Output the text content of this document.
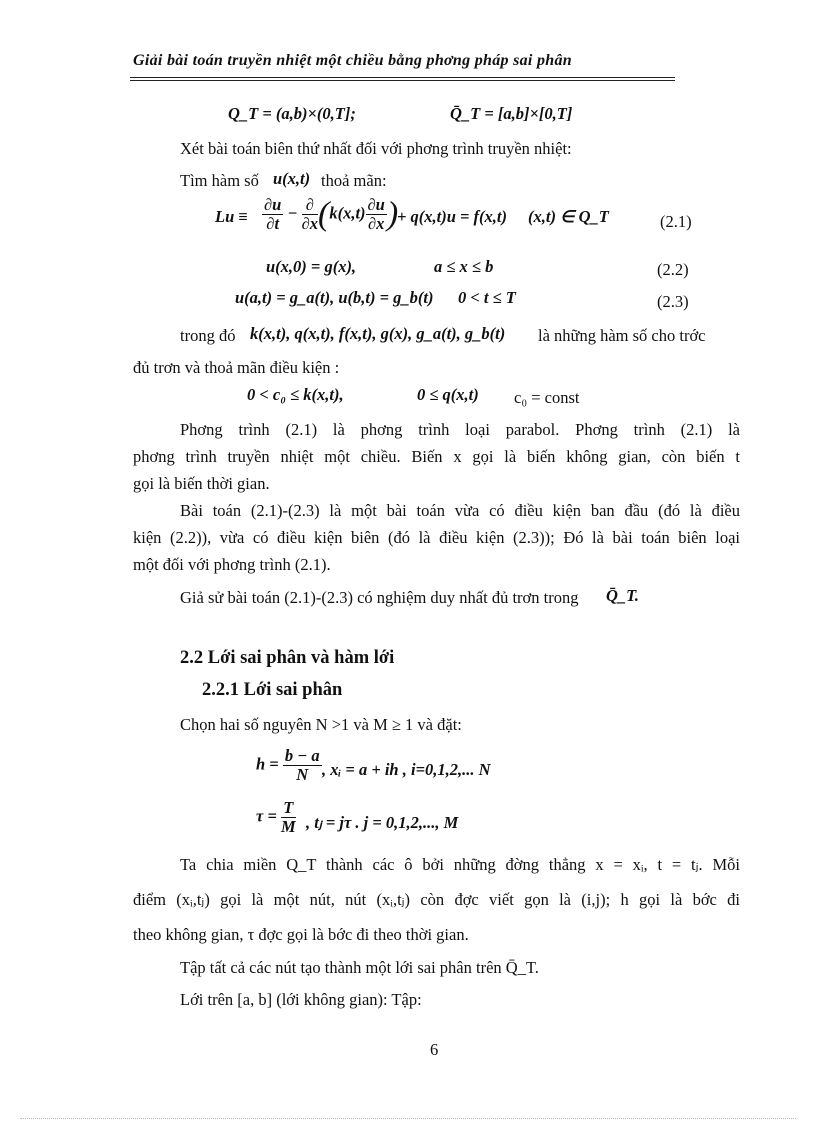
Giải bài toán truyền nhiệt một chiều bằng phơng pháp sai phân
Q_T = (a,b)×(0,T];	Q̄_T = [a,b]×[0,T]
Xét bài toán biên thứ nhất đối với phơng trình truyền nhiệt:
Tìm hàm số u(x,t) thoả mãn:
$Lu \equiv \frac{\partial u}{\partial t} - \frac{\partial}{\partial x} (k(x,t) \frac{\partial u}{\partial x}$ )
+ q(x,t)u = f(x,t) (x,t) ∈ Q_T	(2.1)
u(x,0) = g(x),	a ≤ x ≤ b	(2.2)
u(a,t) = g_a(t), u(b,t) = g_b(t) 0 < t ≤ T	(2.3)
trong đó k(x,t), q(x,t), f(x,t), g(x), g_a(t), g_b(t) là những hàm số cho trớc
đủ trơn và thoả mãn điều kiện :
0 < c₀ ≤ k(x,t),	0 ≤ q(x,t) c₀ = const
Phơng trình (2.1) là phơng trình loại parabol. Phơng trình (2.1) là
phơng trình truyền nhiệt một chiều. Biến x gọi là biến không gian, còn biến t
gọi là biến thời gian.
Bài toán (2.1)-(2.3) là một bài toán vừa có điều kiện ban đầu (đó là điều
kiện (2.2)), vừa có điều kiện biên (đó là điều kiện (2.3)); Đó là bài toán biên loại
một đối với phơng trình (2.1).
Giả sử bài toán (2.1)-(2.3) có nghiệm duy nhất đủ trơn trong Q̄_T.
2.2 Lới sai phân và hàm lới
2.2.1 Lới sai phân
Chọn hai số nguyên N >1 và M ≥ 1 và đặt:
$h = \frac{b - a}{N}$ , xᵢ = a + ih , i=0,1,2,... N
$\tau = \frac{T}{M}$ , tⱼ = jτ . j = 0,1,2,..., M
Ta chia miền Q_T thành các ô bởi những đờng thẳng x = xᵢ, t = tⱼ. Mỗi
điểm (xᵢ,tⱼ) gọi là một nút, nút (xᵢ,tⱼ) còn đợc viết gọn là (i,j); h gọi là bớc đi
theo không gian, τ đợc gọi là bớc đi theo thời gian.
Tập tất cả các nút tạo thành một lới sai phân trên Q̄_T.
Lới trên [a, b] (lới không gian): Tập:
6
